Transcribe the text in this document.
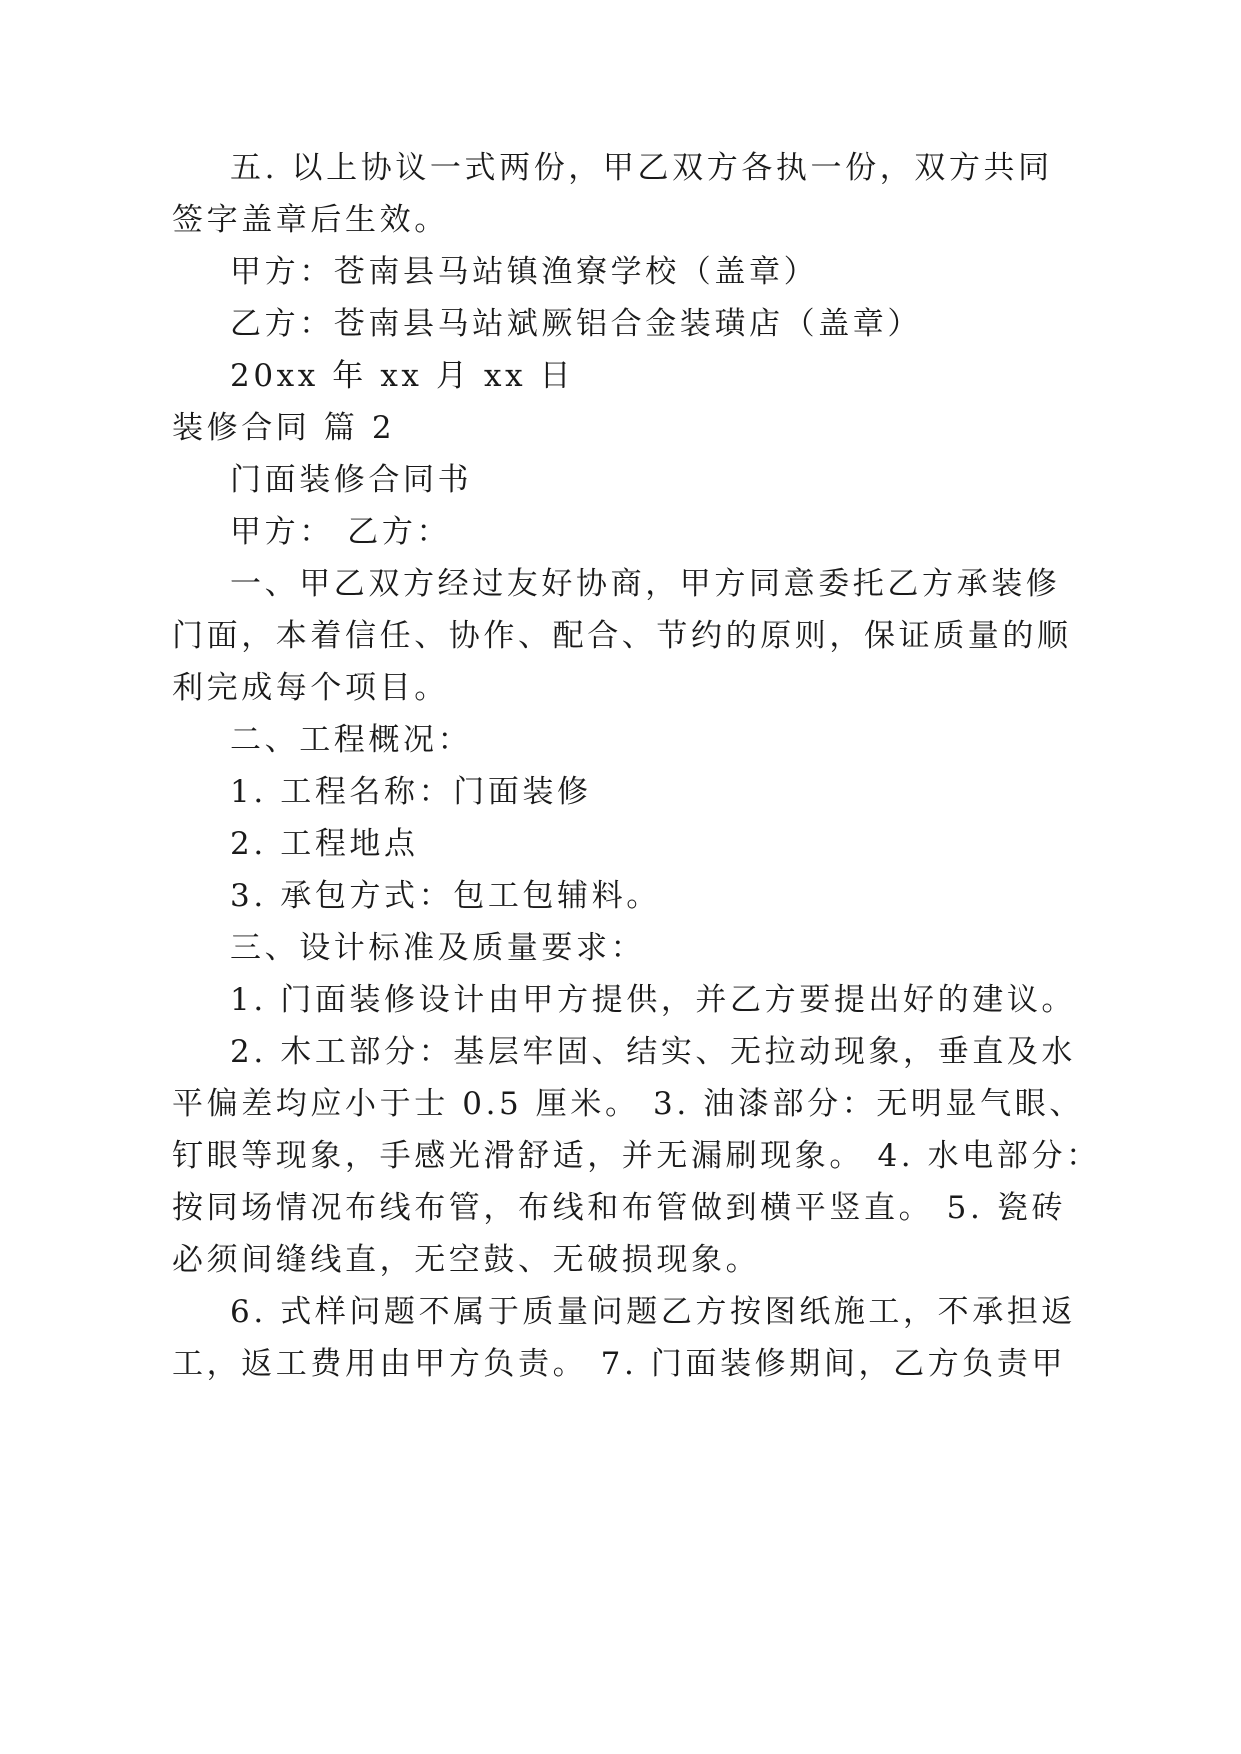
五. 以上协议一式两份，甲乙双方各执一份，双方共同
签字盖章后生效。
甲方：苍南县马站镇渔寮学校（盖章）
乙方：苍南县马站斌厥铝合金装璜店（盖章）
20xx 年 xx 月 xx 日
装修合同 篇 2
门面装修合同书
甲方： 乙方：
一、甲乙双方经过友好协商，甲方同意委托乙方承装修
门面，本着信任、协作、配合、节约的原则，保证质量的顺
利完成每个项目。
二、工程概况：
1. 工程名称：门面装修
2. 工程地点
3. 承包方式：包工包辅料。
三、设计标准及质量要求：
1. 门面装修设计由甲方提供，并乙方要提出好的建议。
2. 木工部分：基层牢固、结实、无拉动现象，垂直及水
平偏差均应小于士 0.5 厘米。 3. 油漆部分：无明显气眼、
钉眼等现象，手感光滑舒适，并无漏刷现象。 4. 水电部分：
按同场情况布线布管，布线和布管做到横平竖直。 5. 瓷砖
必须间缝线直，无空鼓、无破损现象。
6. 式样问题不属于质量问题乙方按图纸施工，不承担返
工，返工费用由甲方负责。 7. 门面装修期间，乙方负责甲
